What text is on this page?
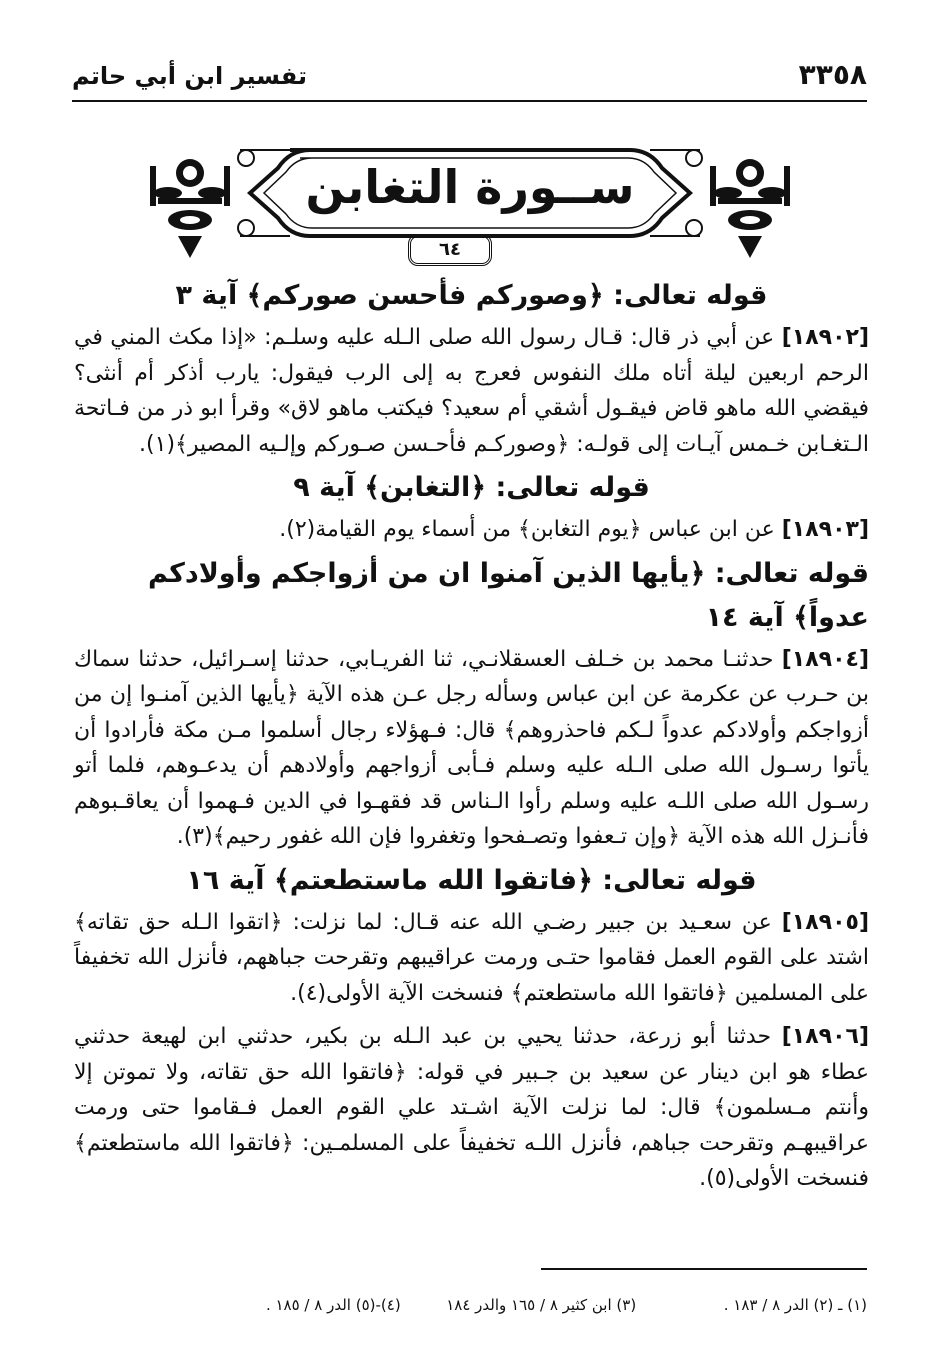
٣٣٥٨
تفسير ابن أبي حاتم
ســورة التغابن
٦٤
قوله تعالى: ﴿وصوركم فأحسن صوركم﴾ آية ٣

[١٨٩٠٢] عن أبي ذر قال: قـال رسول الله صلى الـله عليه وسلـم: «إذا مكث المني في الرحم اربعين ليلة أتاه ملك النفوس فعرج به إلى الرب فيقول: يارب أذكر أم أنثى؟ فيقضي الله ماهو قاض فيقـول أشقي أم سعيد؟ فيكتب ماهو لاق» وقرأ ابو ذر من فـاتحة الـتغـابن خـمس آيـات إلى قولـه: ﴿وصوركـم فأحـسن صـوركم وإلـيه المصير﴾(١).

قوله تعالى: ﴿التغابن﴾ آية ٩

[١٨٩٠٣] عن ابن عباس ﴿يوم التغابن﴾ من أسماء يوم القيامة(٢).

قوله تعالى: ﴿يأيها الذين آمنوا ان من أزواجكم وأولادكم عدواً﴾ آية ١٤

[١٨٩٠٤] حدثنـا محمد بن خـلف العسقلانـي، ثنا الفريـابي، حدثنا إسـرائيل، حدثنا سماك بن حـرب عن عكرمة عن ابن عباس وسأله رجل عـن هذه الآية ﴿يأيها الذين آمنـوا إن من أزواجكم وأولادكم عدواً لـكم فاحذروهم﴾ قال: فـهؤلاء رجال أسلموا مـن مكة فأرادوا أن يأتوا رسـول الله صلى الـله عليه وسلم فـأبى أزواجهم وأولادهم أن يدعـوهم، فلما أتو رسـول الله صلى اللـه عليه وسلم رأوا الـناس قد فقهـوا في الدين فـهموا أن يعاقـبوهم فأنـزل الله هذه الآية ﴿وإن تـعفوا وتصـفحوا وتغفروا فإن الله غفور رحيم﴾(٣).

قوله تعالى: ﴿فاتقوا الله ماستطعتم﴾ آية ١٦

[١٨٩٠٥] عن سعـيد بن جبير رضـي الله عنه قـال: لما نزلت: ﴿اتقوا الـله حق تقاته﴾ اشتد على القوم العمل فقاموا حتـى ورمت عراقيبهم وتقرحت جباههم، فأنزل الله تخفيفاً على المسلمين ﴿فاتقوا الله ماستطعتم﴾ فنسخت الآية الأولى(٤).

[١٨٩٠٦] حدثنا أبو زرعة، حدثنا يحيي بن عبد الـله بن بكير، حدثني ابن لهيعة حدثني عطاء هو ابن دينار عن سعيد بن جـبير في قوله: ﴿فاتقوا الله حق تقاته، ولا تموتن إلا وأنتم مـسلمون﴾ قال: لما نزلت الآية اشـتد علي القوم العمل فـقاموا حتى ورمت عراقيبهـم وتقرحت جباهم، فأنزل اللـه تخفيفاً على المسلمـين: ﴿فاتقوا الله ماستطعتم﴾ فنسخت الأولى(٥).

(١) ـ (٢) الدر ٨ / ١٨٣ .  (٣) ابن كثير ٨ / ١٦٥ والدر ١٨٤  (٤)-(٥) الدر ٨ / ١٨٥ .
